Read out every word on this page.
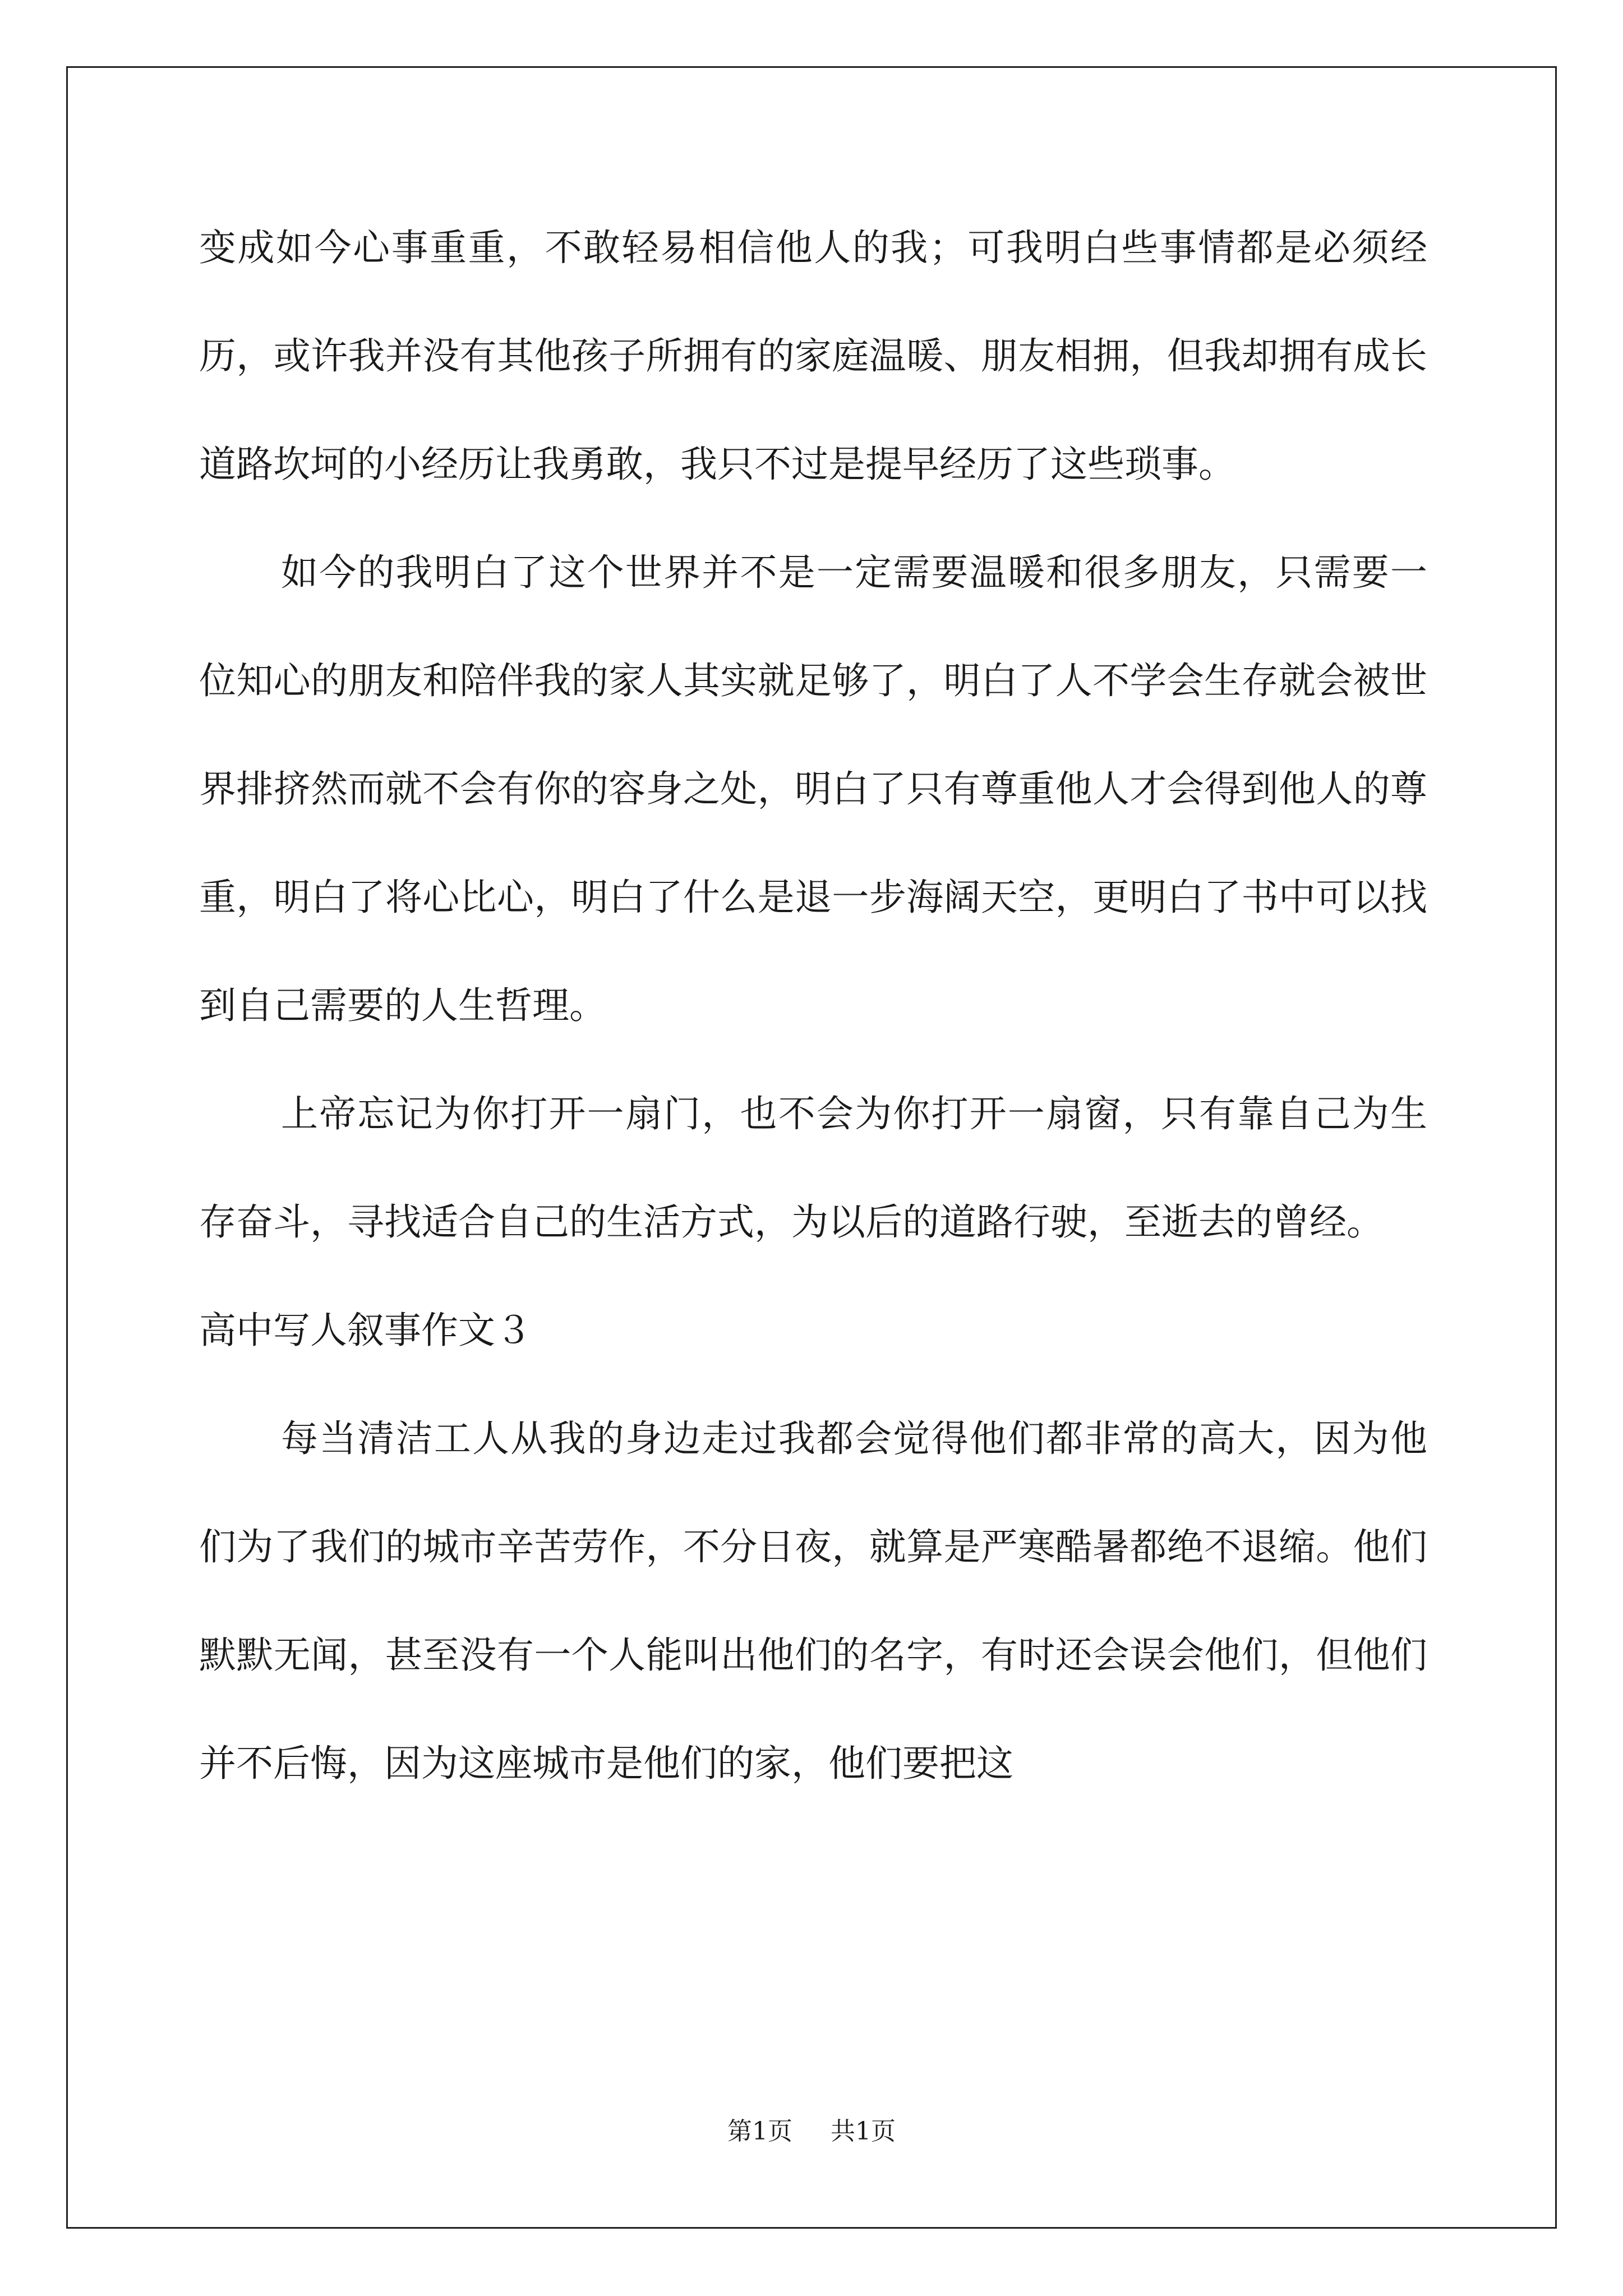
变成如今心事重重，不敢轻易相信他人的我；可我明白些事情都是必须经历，或许我并没有其他孩子所拥有的家庭温暖、朋友相拥，但我却拥有成长道路坎坷的小经历让我勇敢，我只不过是提早经历了这些琐事。

如今的我明白了这个世界并不是一定需要温暖和很多朋友，只需要一位知心的朋友和陪伴我的家人其实就足够了，明白了人不学会生存就会被世界排挤然而就不会有你的容身之处，明白了只有尊重他人才会得到他人的尊重，明白了将心比心，明白了什么是退一步海阔天空，更明白了书中可以找到自己需要的人生哲理。

上帝忘记为你打开一扇门，也不会为你打开一扇窗，只有靠自己为生存奋斗，寻找适合自己的生活方式，为以后的道路行驶，至逝去的曾经。

高中写人叙事作文３

每当清洁工人从我的身边走过我都会觉得他们都非常的高大，因为他们为了我们的城市辛苦劳作，不分日夜，就算是严寒酷暑都绝不退缩。他们默默无闻，甚至没有一个人能叫出他们的名字，有时还会误会他们，但他们并不后悔，因为这座城市是他们的家，他们要把这

第1页 共1页
